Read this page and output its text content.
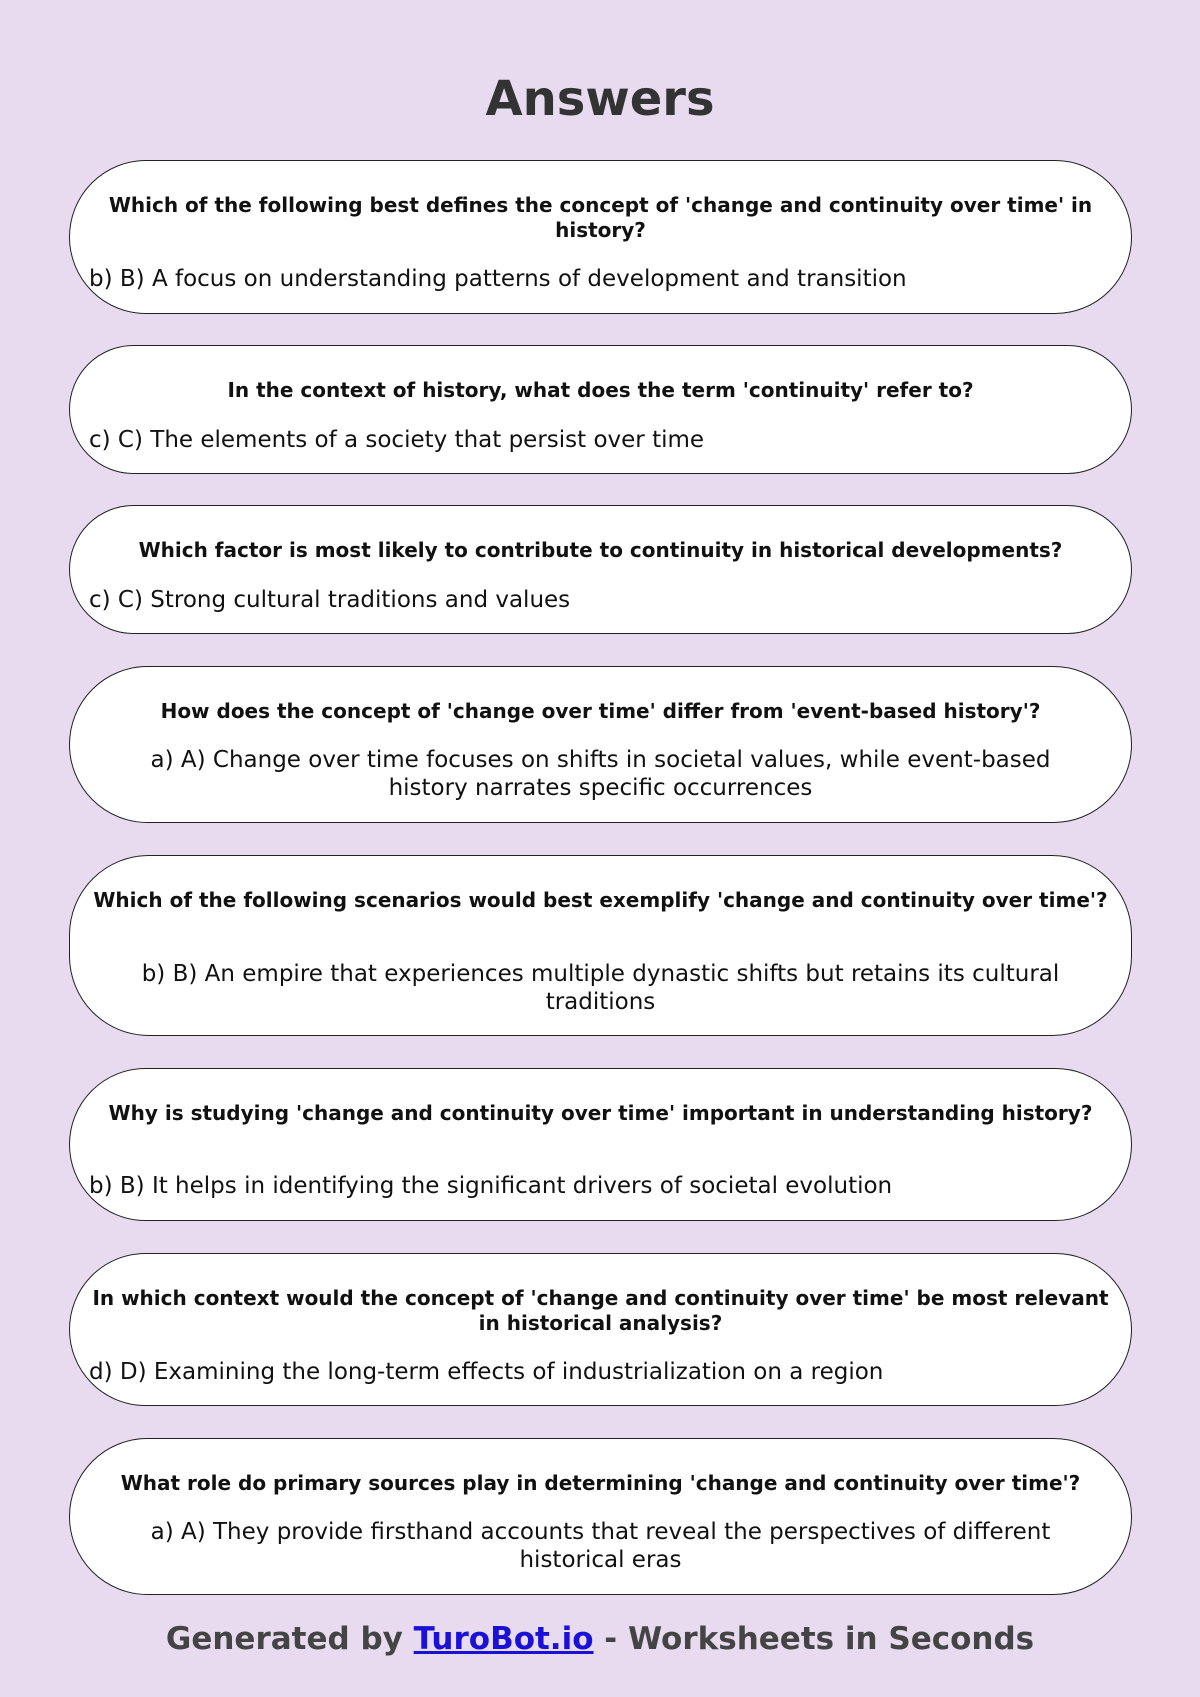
Answers
Which of the following best defines the concept of 'change and continuity over time' in history?
b) B) A focus on understanding patterns of development and transition
In the context of history, what does the term 'continuity' refer to?
c) C) The elements of a society that persist over time
Which factor is most likely to contribute to continuity in historical developments?
c) C) Strong cultural traditions and values
How does the concept of 'change over time' differ from 'event-based history'?
a) A) Change over time focuses on shifts in societal values, while event-based history narrates specific occurrences
Which of the following scenarios would best exemplify 'change and continuity over time'?
b) B) An empire that experiences multiple dynastic shifts but retains its cultural traditions
Why is studying 'change and continuity over time' important in understanding history?
b) B) It helps in identifying the significant drivers of societal evolution
In which context would the concept of 'change and continuity over time' be most relevant in historical analysis?
d) D) Examining the long-term effects of industrialization on a region
What role do primary sources play in determining 'change and continuity over time'?
a) A) They provide firsthand accounts that reveal the perspectives of different historical eras
Generated by TuroBot.io - Worksheets in Seconds
